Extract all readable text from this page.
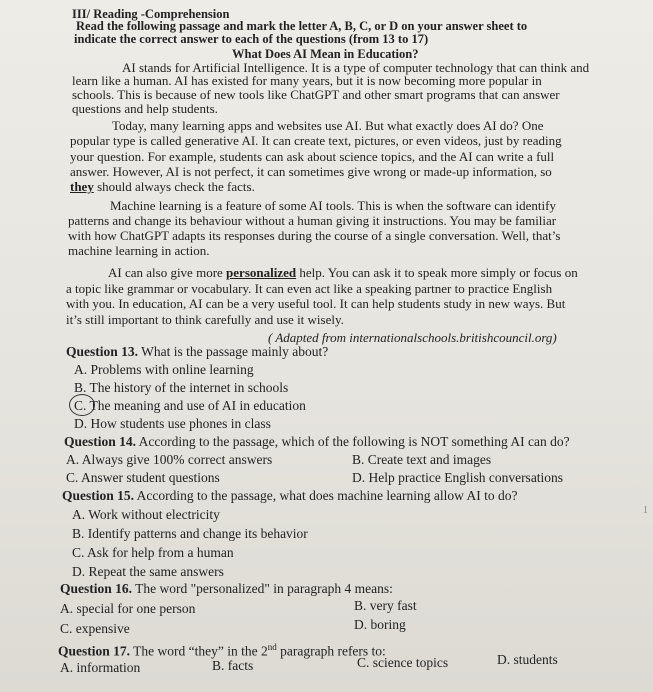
III/ Reading -Comprehension
Read the following passage and mark the letter A, B, C, or D on your answer sheet to
indicate the correct answer to each of the questions (from 13 to 17)
What Does AI Mean in Education?
AI stands for Artificial Intelligence. It is a type of computer technology that can think and
learn like a human. AI has existed for many years, but it is now becoming more popular in
schools. This is because of new tools like ChatGPT and other smart programs that can answer
questions and help students.
Today, many learning apps and websites use AI. But what exactly does AI do? One
popular type is called generative AI. It can create text, pictures, or even videos, just by reading
your question. For example, students can ask about science topics, and the AI can write a full
answer. However, AI is not perfect, it can sometimes give wrong or made-up information, so
they should always check the facts.
Machine learning is a feature of some AI tools. This is when the software can identify
patterns and change its behaviour without a human giving it instructions. You may be familiar
with how ChatGPT adapts its responses during the course of a single conversation. Well, that’s
machine learning in action.
AI can also give more personalized help. You can ask it to speak more simply or focus on
a topic like grammar or vocabulary. It can even act like a speaking partner to practice English
with you. In education, AI can be a very useful tool. It can help students study in new ways. But
it’s still important to think carefully and use it wisely.
( Adapted from internationalschools.britishcouncil.org)
Question 13. What is the passage mainly about?
A. Problems with online learning
B. The history of the internet in schools
C. The meaning and use of AI in education
D. How students use phones in class
Question 14. According to the passage, which of the following is NOT something AI can do?
A. Always give 100% correct answers	B. Create text and images
C. Answer student questions	D. Help practice English conversations
Question 15. According to the passage, what does machine learning allow AI to do?
A. Work without electricity
B. Identify patterns and change its behavior
C. Ask for help from a human
D. Repeat the same answers
Question 16. The word "personalized" in paragraph 4 means:
A. special for one person	B. very fast
C. expensive	D. boring
Question 17. The word “they” in the 2nd paragraph refers to:
A. information	B. facts	C. science topics	D. students
1
